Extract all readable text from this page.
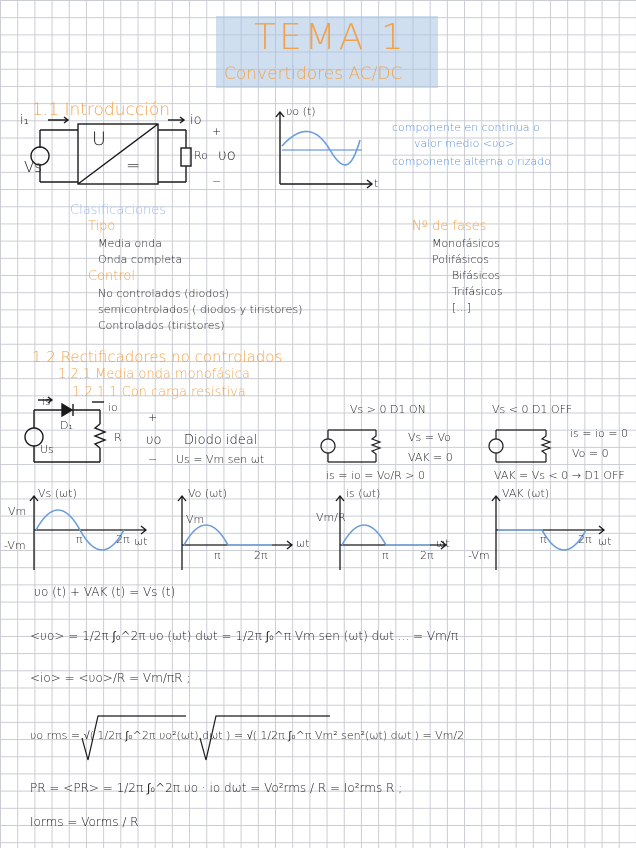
TEMA 1
Convertidores AC/DC
1.1 Introducción
i₁
Vs
U
=
io
Ro υo
+
−
υo (t)
t
componente en continua o
valor medio <υo>
componente alterna o rizado
Clasificaciones
Tipo
Media onda
Onda completa
Control
No controlados (diodos)
semicontrolados ( diodos y tiristores)
Controlados (tiristores)
Nº de fases
Monofásicos
Polifásicos
Bifásicos
Trifásicos
[...]
1.2 Rectificadores no controlados
1.2.1 Media onda monofásica
1.2.1.1 Con carga resistiva
is	io
D₁
R
Us
+
υo
−
Diodo ideal
Us = Vm sen ωt
Vs > 0 D1 ON
Vs = Vo
VAK = 0
is = io = Vo/R > 0
Vs < 0 D1 OFF
is = io = 0
Vo = 0
VAK = Vs < 0 → D1 OFF
Vs (ωt)
Vm
-Vm	π	2π ωt
Vo (ωt)
Vm
π	2π
ωt
is (ωt)
Vm/R
π	2π
ωt
VAK (ωt)
-Vm
π	2π ωt
υo (t) + VAK (t) = Vs (t)
<υo> = 1/2π ∫₀^2π υo (ωt) dωt = 1/2π ∫₀^π Vm sen (ωt) dωt ... = Vm/π
<io> = <υo>/R = Vm/πR ;
υo rms = √( 1/2π ∫₀^2π υo²(ωt) dωt ) = √( 1/2π ∫₀^π Vm² sen²(ωt) dωt ) = Vm/2
PR = <PR> = 1/2π ∫₀^2π υo · io dωt = Vo²rms / R = Io²rms R ;
Iorms = Vorms / R
